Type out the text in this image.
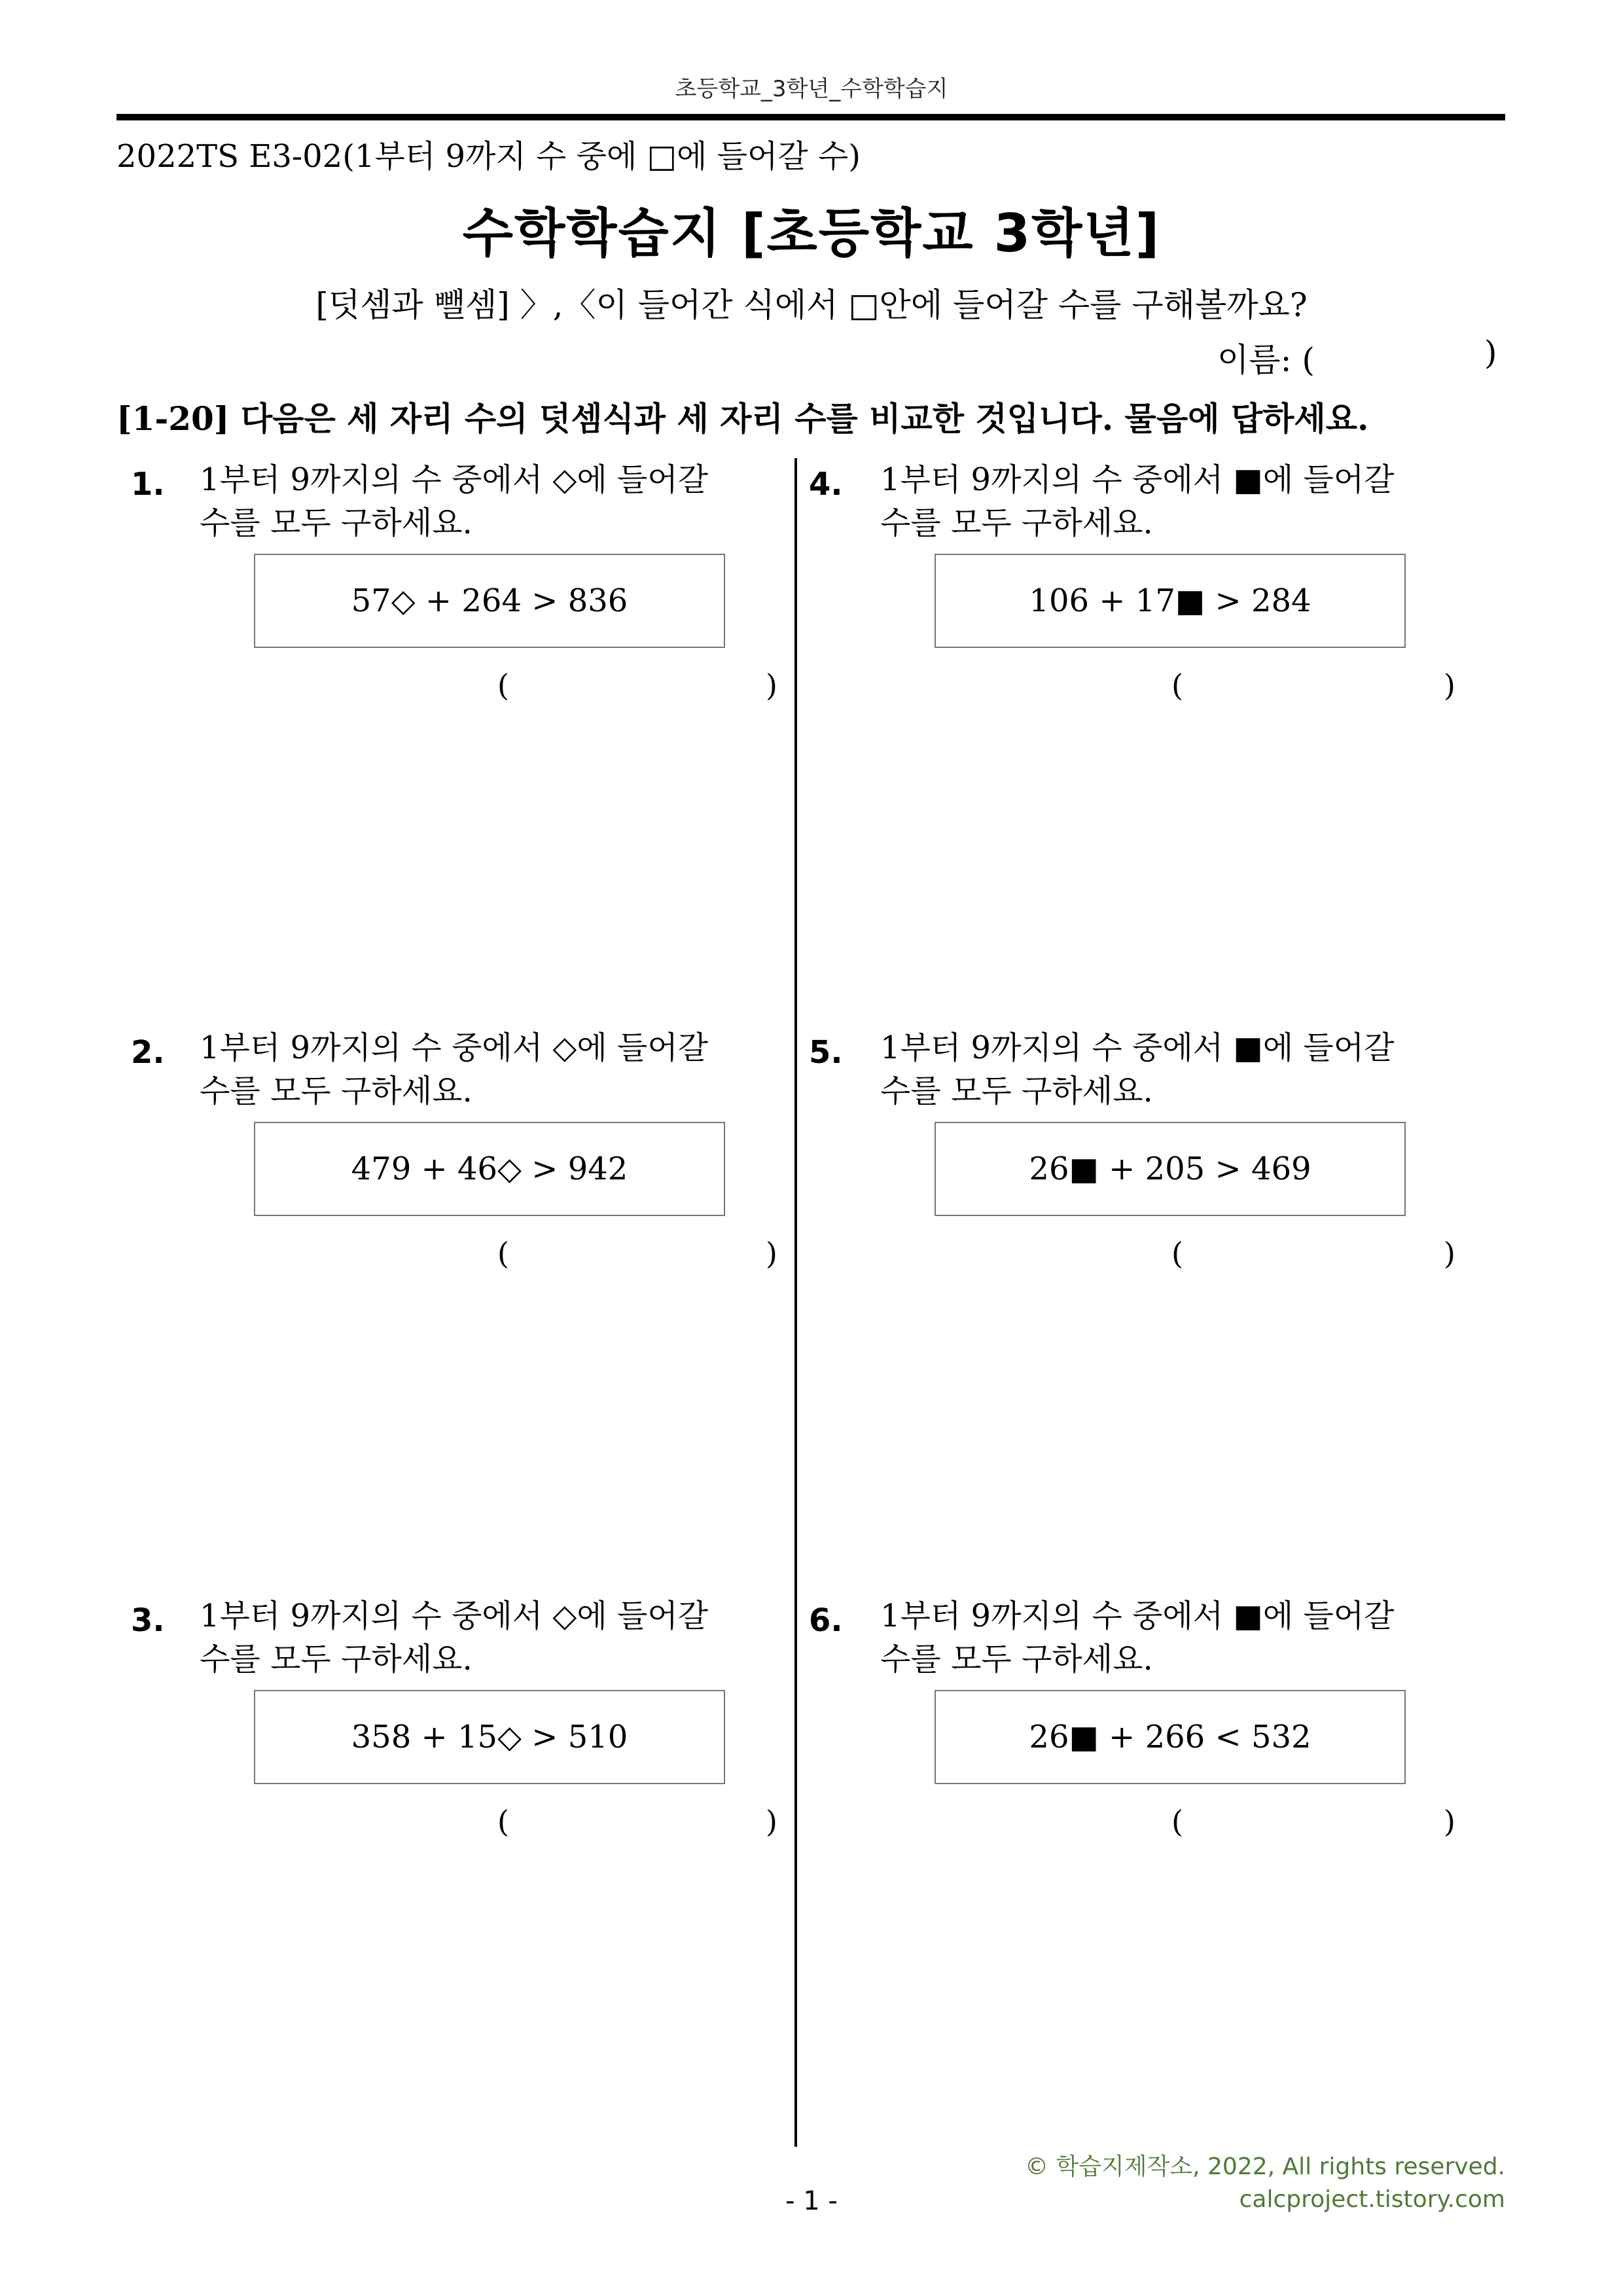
초등학교_3학년_수학학습지
2022TS E3-02(1부터 9까지 수 중에 □에 들어갈 수)
수학학습지 [초등학교 3학년]
[덧셈과 뺄셈] 〉,〈이 들어간 식에서 □안에 들어갈 수를 구해볼까요?
이름: (	)
[1-20] 다음은 세 자리 수의 덧셈식과 세 자리 수를 비교한 것입니다. 물음에 답하세요.
1. 1부터 9까지의 수 중에서 ◇에 들어갈
수를 모두 구하세요.
57◇ + 264 > 836
(	)
2. 1부터 9까지의 수 중에서 ◇에 들어갈
수를 모두 구하세요.
479 + 46◇ > 942
(	)
3. 1부터 9까지의 수 중에서 ◇에 들어갈
수를 모두 구하세요.
358 + 15◇ > 510
(	)
4. 1부터 9까지의 수 중에서 ■에 들어갈
수를 모두 구하세요.
106 + 17■ > 284
(	)
5. 1부터 9까지의 수 중에서 ■에 들어갈
수를 모두 구하세요.
26■ + 205 > 469
(	)
6. 1부터 9까지의 수 중에서 ■에 들어갈
수를 모두 구하세요.
26■ + 266 < 532
(	)
© 학습지제작소, 2022, All rights reserved.
calcproject.tistory.com
- 1 -
